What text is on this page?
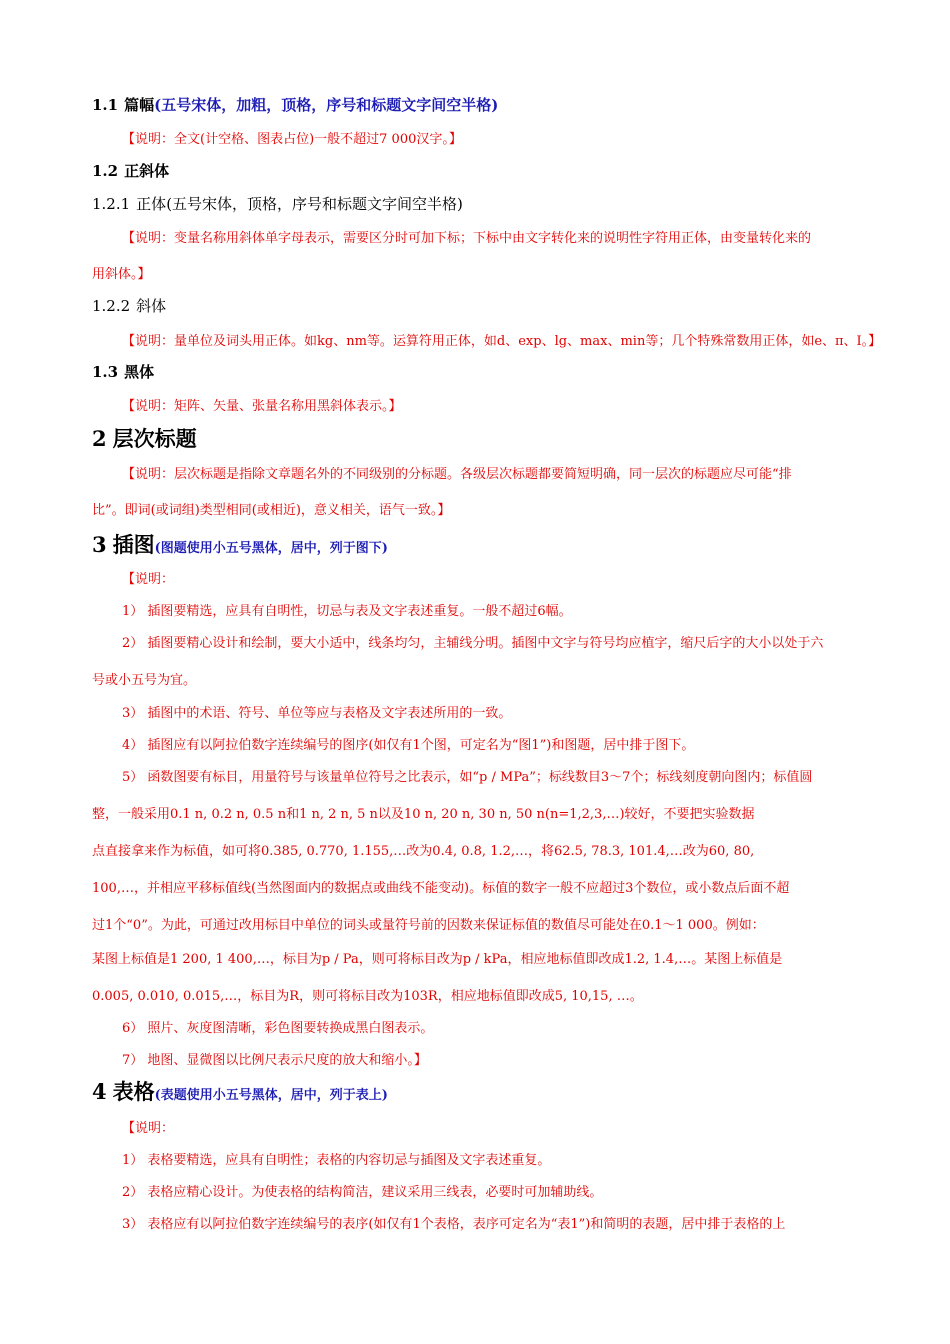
1.1 篇幅(五号宋体，加粗，顶格，序号和标题文字间空半格)
【说明：全文(计空格、图表占位)一般不超过7 000汉字。】
1.2 正斜体
1.2.1 正体(五号宋体，顶格，序号和标题文字间空半格)
【说明：变量名称用斜体单字母表示，需要区分时可加下标；下标中由文字转化来的说明性字符用正体，由变量转化来的
用斜体。】
1.2.2 斜体
【说明：量单位及词头用正体。如kg、nm等。运算符用正体，如d、exp、lg、max、min等；几个特殊常数用正体，如e、π、I。】
1.3 黑体
【说明：矩阵、矢量、张量名称用黑斜体表示。】
2 层次标题
【说明：层次标题是指除文章题名外的不同级别的分标题。各级层次标题都要简短明确，同一层次的标题应尽可能“排
比”。即词(或词组)类型相同(或相近)，意义相关，语气一致。】
3 插图(图题使用小五号黑体，居中，列于图下)
【说明：
1） 插图要精选，应具有自明性，切忌与表及文字表述重复。一般不超过6幅。
2） 插图要精心设计和绘制，要大小适中，线条均匀，主辅线分明。插图中文字与符号均应植字，缩尺后字的大小以处于六
号或小五号为宜。
3） 插图中的术语、符号、单位等应与表格及文字表述所用的一致。
4） 插图应有以阿拉伯数字连续编号的图序(如仅有1个图，可定名为“图1”)和图题，居中排于图下。
5） 函数图要有标目，用量符号与该量单位符号之比表示，如“p / MPa”；标线数目3～7个；标线刻度朝向图内；标值圆
整，一般采用0.1 n, 0.2 n, 0.5 n和1 n, 2 n, 5 n以及10 n, 20 n, 30 n, 50 n(n=1,2,3,…)较好，不要把实验数据
点直接拿来作为标值，如可将0.385, 0.770, 1.155,…改为0.4, 0.8, 1.2,…，将62.5, 78.3, 101.4,…改为60, 80,
100,…，并相应平移标值线(当然图面内的数据点或曲线不能变动)。标值的数字一般不应超过3个数位，或小数点后面不超
过1个“0”。为此，可通过改用标目中单位的词头或量符号前的因数来保证标值的数值尽可能处在0.1～1 000。例如：
某图上标值是1 200, 1 400,…，标目为p / Pa，则可将标目改为p / kPa，相应地标值即改成1.2, 1.4,…。某图上标值是
0.005, 0.010, 0.015,…，标目为R，则可将标目改为103R，相应地标值即改成5, 10,15, …。
6） 照片、灰度图清晰，彩色图要转换成黑白图表示。
7） 地图、显微图以比例尺表示尺度的放大和缩小。】
4 表格(表题使用小五号黑体，居中，列于表上)
【说明：
1） 表格要精选，应具有自明性；表格的内容切忌与插图及文字表述重复。
2） 表格应精心设计。为使表格的结构简洁，建议采用三线表，必要时可加辅助线。
3） 表格应有以阿拉伯数字连续编号的表序(如仅有1个表格，表序可定名为“表1”)和简明的表题，居中排于表格的上
